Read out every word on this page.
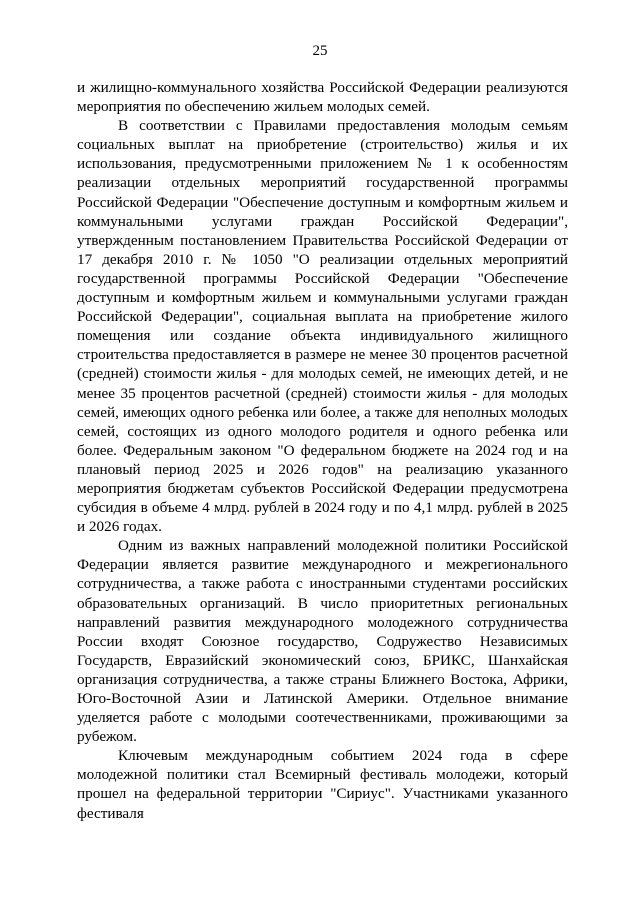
25

и жилищно-коммунального хозяйства Российской Федерации реализуются мероприятия по обеспечению жильем молодых семей.

В соответствии с Правилами предоставления молодым семьям социальных выплат на приобретение (строительство) жилья и их использования, предусмотренными приложением № 1 к особенностям реализации отдельных мероприятий государственной программы Российской Федерации "Обеспечение доступным и комфортным жильем и коммунальными услугами граждан Российской Федерации", утвержденным постановлением Правительства Российской Федерации от 17 декабря 2010 г. № 1050 "О реализации отдельных мероприятий государственной программы Российской Федерации "Обеспечение доступным и комфортным жильем и коммунальными услугами граждан Российской Федерации", социальная выплата на приобретение жилого помещения или создание объекта индивидуального жилищного строительства предоставляется в размере не менее 30 процентов расчетной (средней) стоимости жилья - для молодых семей, не имеющих детей, и не менее 35 процентов расчетной (средней) стоимости жилья - для молодых семей, имеющих одного ребенка или более, а также для неполных молодых семей, состоящих из одного молодого родителя и одного ребенка или более. Федеральным законом "О федеральном бюджете на 2024 год и на плановый период 2025 и 2026 годов" на реализацию указанного мероприятия бюджетам субъектов Российской Федерации предусмотрена субсидия в объеме 4 млрд. рублей в 2024 году и по 4,1 млрд. рублей в 2025 и 2026 годах.

Одним из важных направлений молодежной политики Российской Федерации является развитие международного и межрегионального сотрудничества, а также работа с иностранными студентами российских образовательных организаций. В число приоритетных региональных направлений развития международного молодежного сотрудничества России входят Союзное государство, Содружество Независимых Государств, Евразийский экономический союз, БРИКС, Шанхайская организация сотрудничества, а также страны Ближнего Востока, Африки, Юго-Восточной Азии и Латинской Америки. Отдельное внимание уделяется работе с молодыми соотечественниками, проживающими за рубежом.

Ключевым международным событием 2024 года в сфере молодежной политики стал Всемирный фестиваль молодежи, который прошел на федеральной территории "Сириус". Участниками указанного фестиваля
